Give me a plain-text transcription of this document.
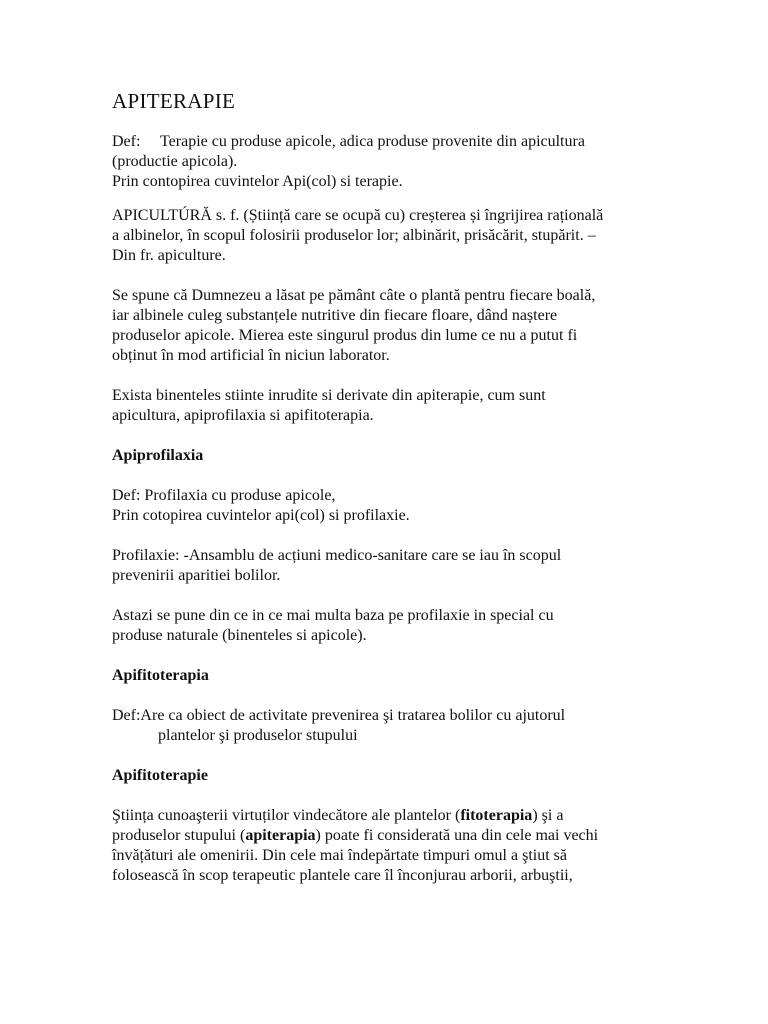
APITERAPIE

Def: Terapie cu produse apicole, adica produse provenite din apicultura
(productie apicola).
Prin contopirea cuvintelor Api(col) si terapie.

APICULTÚRĂ s. f. (Știință care se ocupă cu) creșterea și îngrijirea rațională
a albinelor, în scopul folosirii produselor lor; albinărit, prisăcărit, stupărit. –
Din fr. apiculture.

Se spune că Dumnezeu a lăsat pe pământ câte o plantă pentru fiecare boală,
iar albinele culeg substanțele nutritive din fiecare floare, dând naștere
produselor apicole. Mierea este singurul produs din lume ce nu a putut fi
obținut în mod artificial în niciun laborator.

Exista binenteles stiinte inrudite si derivate din apiterapie, cum sunt
apicultura, apiprofilaxia si apifitoterapia.

Apiprofilaxia

Def: Profilaxia cu produse apicole,
Prin cotopirea cuvintelor api(col) si profilaxie.

Profilaxie: -Ansamblu de acțiuni medico-sanitare care se iau în scopul
prevenirii aparitiei bolilor.

Astazi se pune din ce in ce mai multa baza pe profilaxie in special cu
produse naturale (binenteles si apicole).

Apifitoterapia

Def:Are ca obiect de activitate prevenirea şi tratarea bolilor cu ajutorul
plantelor şi produselor stupului

Apifitoterapie

Ştiința cunoaşterii virtuților vindecătore ale plantelor (fitoterapia) şi a
produselor stupului (apiterapia) poate fi considerată una din cele mai vechi
învățături ale omenirii. Din cele mai îndepărtate timpuri omul a ştiut să
folosească în scop terapeutic plantele care îl înconjurau arborii, arbuştii,
